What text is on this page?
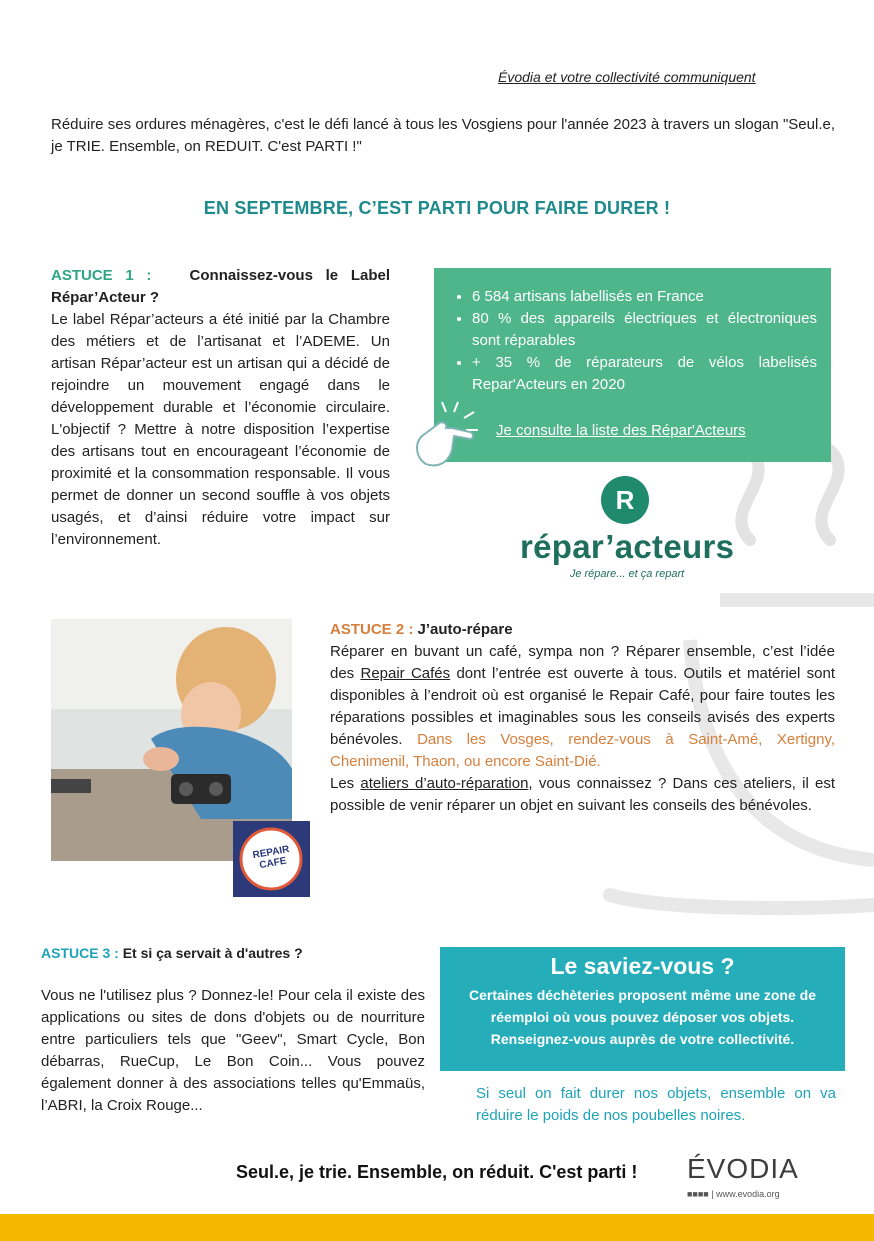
Évodia et votre collectivité communiquent
Réduire ses ordures ménagères, c'est le défi lancé à tous les Vosgiens pour l'année 2023 à travers un slogan "Seul.e, je TRIE. Ensemble, on REDUIT. C'est PARTI !"
EN SEPTEMBRE, C’EST PARTI POUR FAIRE DURER !
ASTUCE 1 :	Connaissez-vous le Label Répar’Acteur ?
Le label Répar’acteurs a été initié par la Chambre des métiers et de l’artisanat et l’ADEME. Un artisan Répar’acteur est un artisan qui a décidé de rejoindre un mouvement engagé dans le développement durable et l’économie circulaire. L'objectif ? Mettre à notre disposition l’expertise des artisans tout en encourageant l’économie de proximité et la consommation responsable. Il vous permet de donner un second souffle à vos objets usagés, et d’ainsi réduire votre impact sur l’environnement.
• 6 584 artisans labellisés en France
• 80 % des appareils électriques et électroniques sont réparables
• + 35 % de réparateurs de vélos labelisés Repar'Acteurs en 2020
Je consulte la liste des Répar'Acteurs
R
répar’acteurs
Je répare... et ça repart
REPAIR CAFE
ASTUCE 2 : J’auto-répare
Réparer en buvant un café, sympa non ? Réparer ensemble, c’est l’idée des Repair Cafés dont l’entrée est ouverte à tous. Outils et matériel sont disponibles à l’endroit où est organisé le Repair Café, pour faire toutes les réparations possibles et imaginables sous les conseils avisés des experts bénévoles. Dans les Vosges, rendez-vous à Saint-Amé, Xertigny, Chenimenil, Thaon, ou encore Saint-Dié.
Les ateliers d’auto-réparation, vous connaissez ? Dans ces ateliers, il est possible de venir réparer un objet en suivant les conseils des bénévoles.
ASTUCE 3 : Et si ça servait à d'autres ?
Vous ne l'utilisez plus ? Donnez-le! Pour cela il existe des applications ou sites de dons d'objets ou de nourriture entre particuliers tels que "Geev", Smart Cycle, Bon débarras, RueCup, Le Bon Coin... Vous pouvez également donner à des associations telles qu'Emmaüs, l’ABRI, la Croix Rouge...
Le saviez-vous ?
Certaines déchèteries proposent même une zone de réemploi où vous pouvez déposer vos objets. Renseignez-vous auprès de votre collectivité.
Si seul on fait durer nos objets, ensemble on va réduire le poids de nos poubelles noires.
Seul.e, je trie. Ensemble, on réduit. C'est parti ! ÉVODIA
■■■■ | www.evodia.org
